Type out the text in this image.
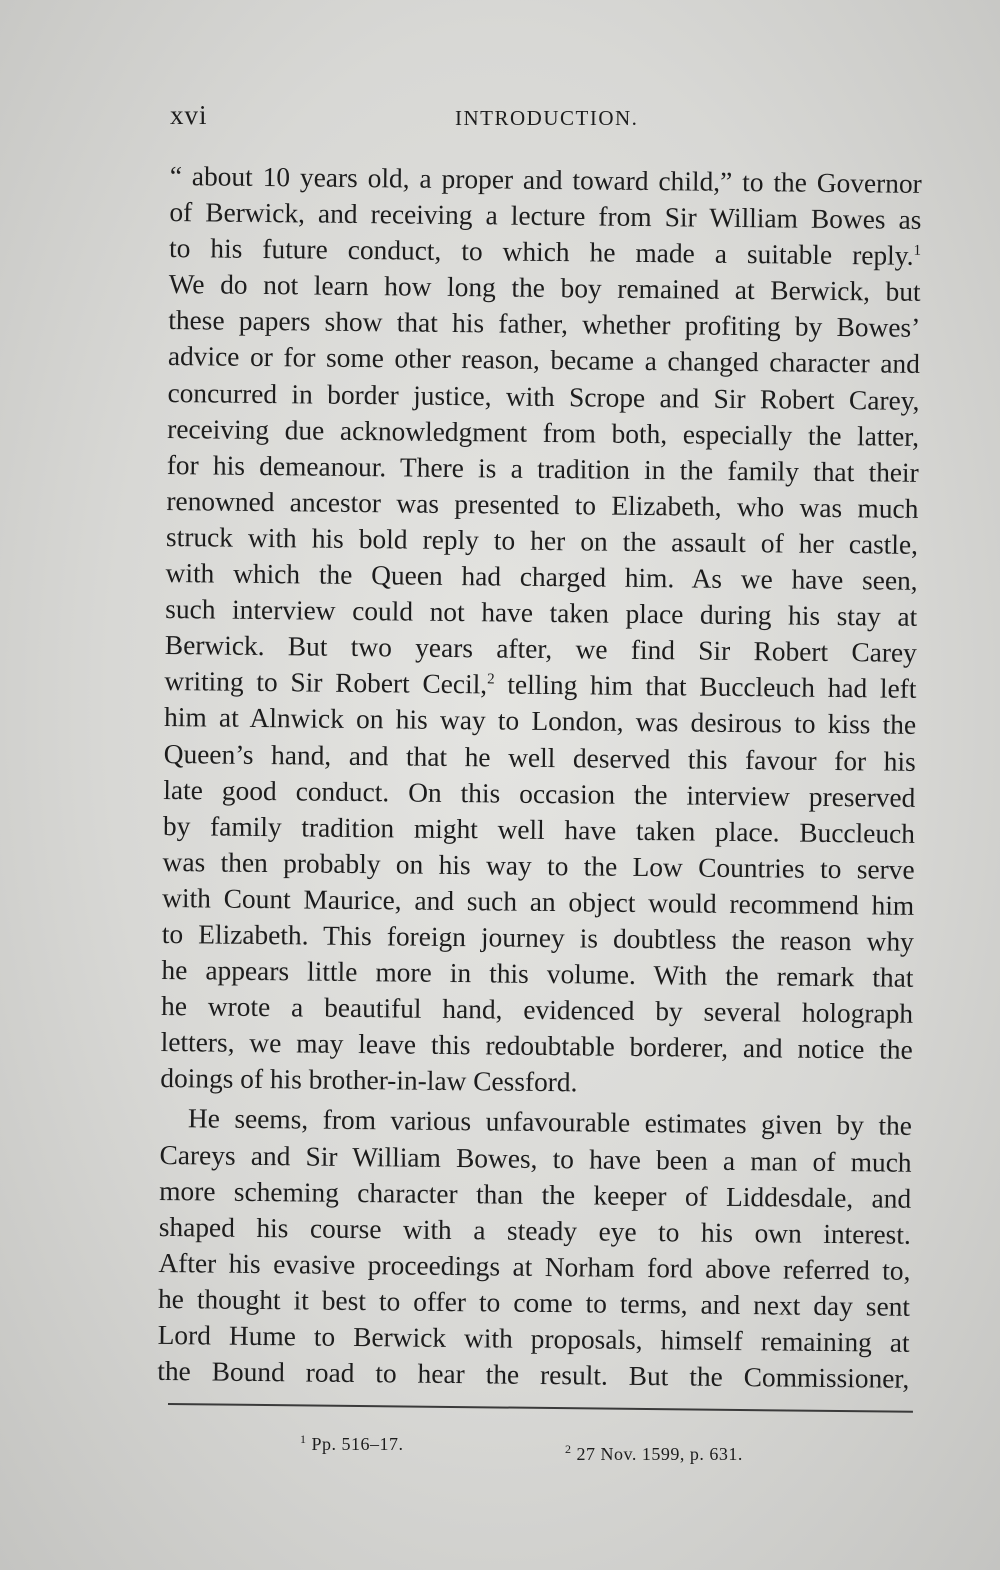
xvi	INTRODUCTION.
“ about 10 years old, a proper and toward child,” to the Governor
of Berwick, and receiving a lecture from Sir William Bowes as
to his future conduct, to which he made a suitable reply.$^1$
We do not learn how long the boy remained at Berwick, but
these papers show that his father, whether profiting by Bowes’
advice or for some other reason, became a changed character and
concurred in border justice, with Scrope and Sir Robert Carey,
receiving due acknowledgment from both, especially the latter,
for his demeanour. There is a tradition in the family that their
renowned ancestor was presented to Elizabeth, who was much
struck with his bold reply to her on the assault of her castle,
with which the Queen had charged him. As we have seen,
such interview could not have taken place during his stay at
Berwick. But two years after, we find Sir Robert Carey
writing to Sir Robert Cecil,$^2$ telling him that Buccleuch had left
him at Alnwick on his way to London, was desirous to kiss the
Queen’s hand, and that he well deserved this favour for his
late good conduct. On this occasion the interview preserved
by family tradition might well have taken place. Buccleuch
was then probably on his way to the Low Countries to serve
with Count Maurice, and such an object would recommend him
to Elizabeth. This foreign journey is doubtless the reason why
he appears little more in this volume. With the remark that
he wrote a beautiful hand, evidenced by several holograph
letters, we may leave this redoubtable borderer, and notice the
doings of his brother-in-law Cessford.
He seems, from various unfavourable estimates given by the
Careys and Sir William Bowes, to have been a man of much
more scheming character than the keeper of Liddesdale, and
shaped his course with a steady eye to his own interest.
After his evasive proceedings at Norham ford above referred to,
he thought it best to offer to come to terms, and next day sent
Lord Hume to Berwick with proposals, himself remaining at
the Bound road to hear the result. But the Commissioner,
$^1$ Pp. 516–17.	$^2$ 27 Nov. 1599, p. 631.
